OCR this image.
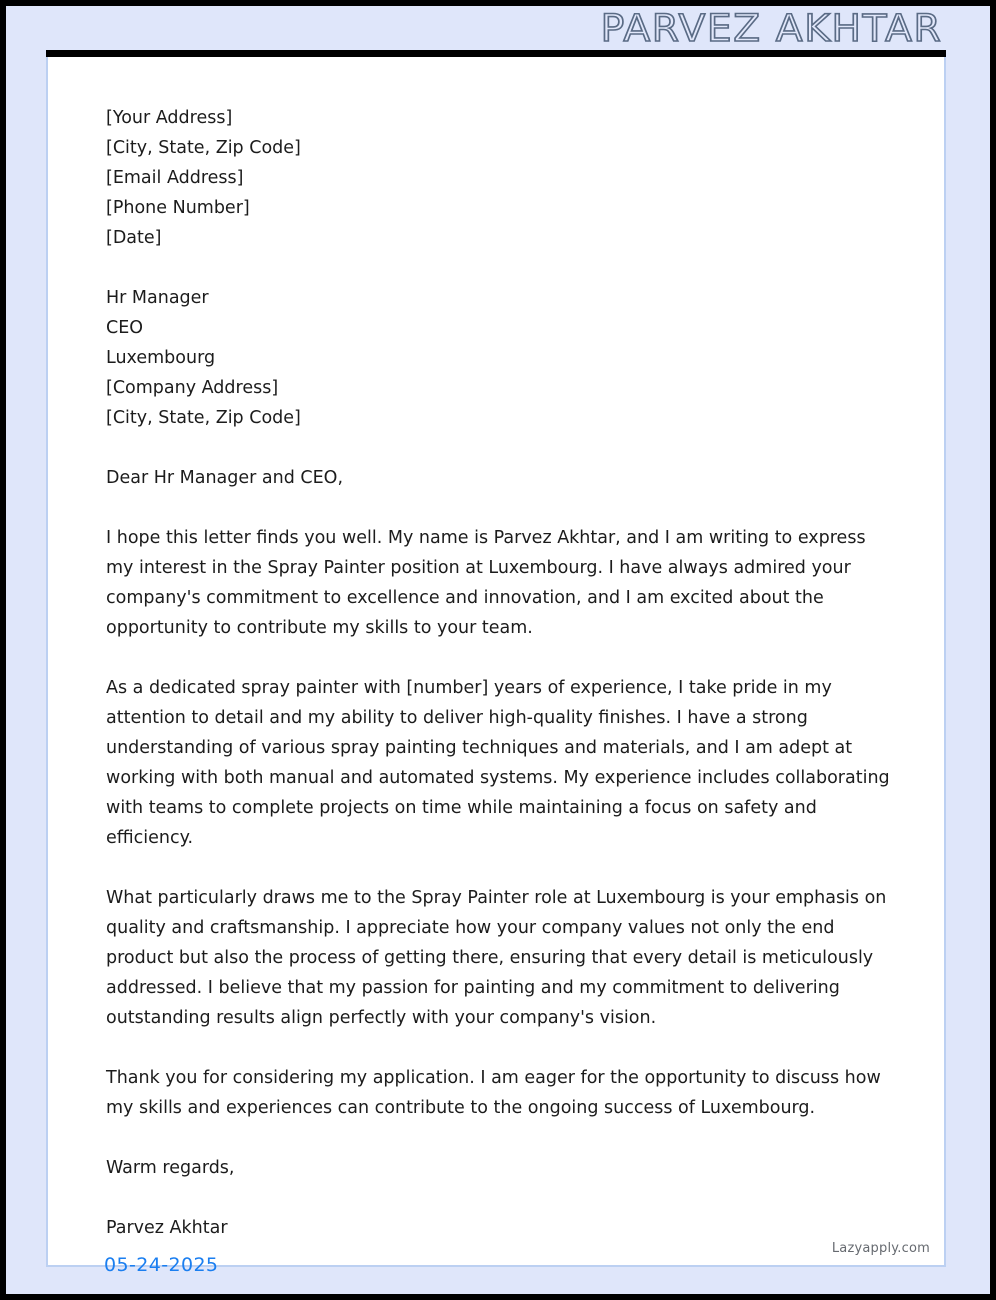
PARVEZ AKHTAR
[Your Address]
[City, State, Zip Code]
[Email Address]
[Phone Number]
[Date]
Hr Manager
CEO
Luxembourg
[Company Address]
[City, State, Zip Code]
Dear Hr Manager and CEO,
I hope this letter finds you well. My name is Parvez Akhtar, and I am writing to express my interest in the Spray Painter position at Luxembourg. I have always admired your company's commitment to excellence and innovation, and I am excited about the opportunity to contribute my skills to your team.
As a dedicated spray painter with [number] years of experience, I take pride in my attention to detail and my ability to deliver high-quality finishes. I have a strong understanding of various spray painting techniques and materials, and I am adept at working with both manual and automated systems. My experience includes collaborating with teams to complete projects on time while maintaining a focus on safety and efficiency.
What particularly draws me to the Spray Painter role at Luxembourg is your emphasis on quality and craftsmanship. I appreciate how your company values not only the end product but also the process of getting there, ensuring that every detail is meticulously addressed. I believe that my passion for painting and my commitment to delivering outstanding results align perfectly with your company's vision.
Thank you for considering my application. I am eager for the opportunity to discuss how my skills and experiences can contribute to the ongoing success of Luxembourg.
Warm regards,
Parvez Akhtar
Lazyapply.com
05-24-2025
